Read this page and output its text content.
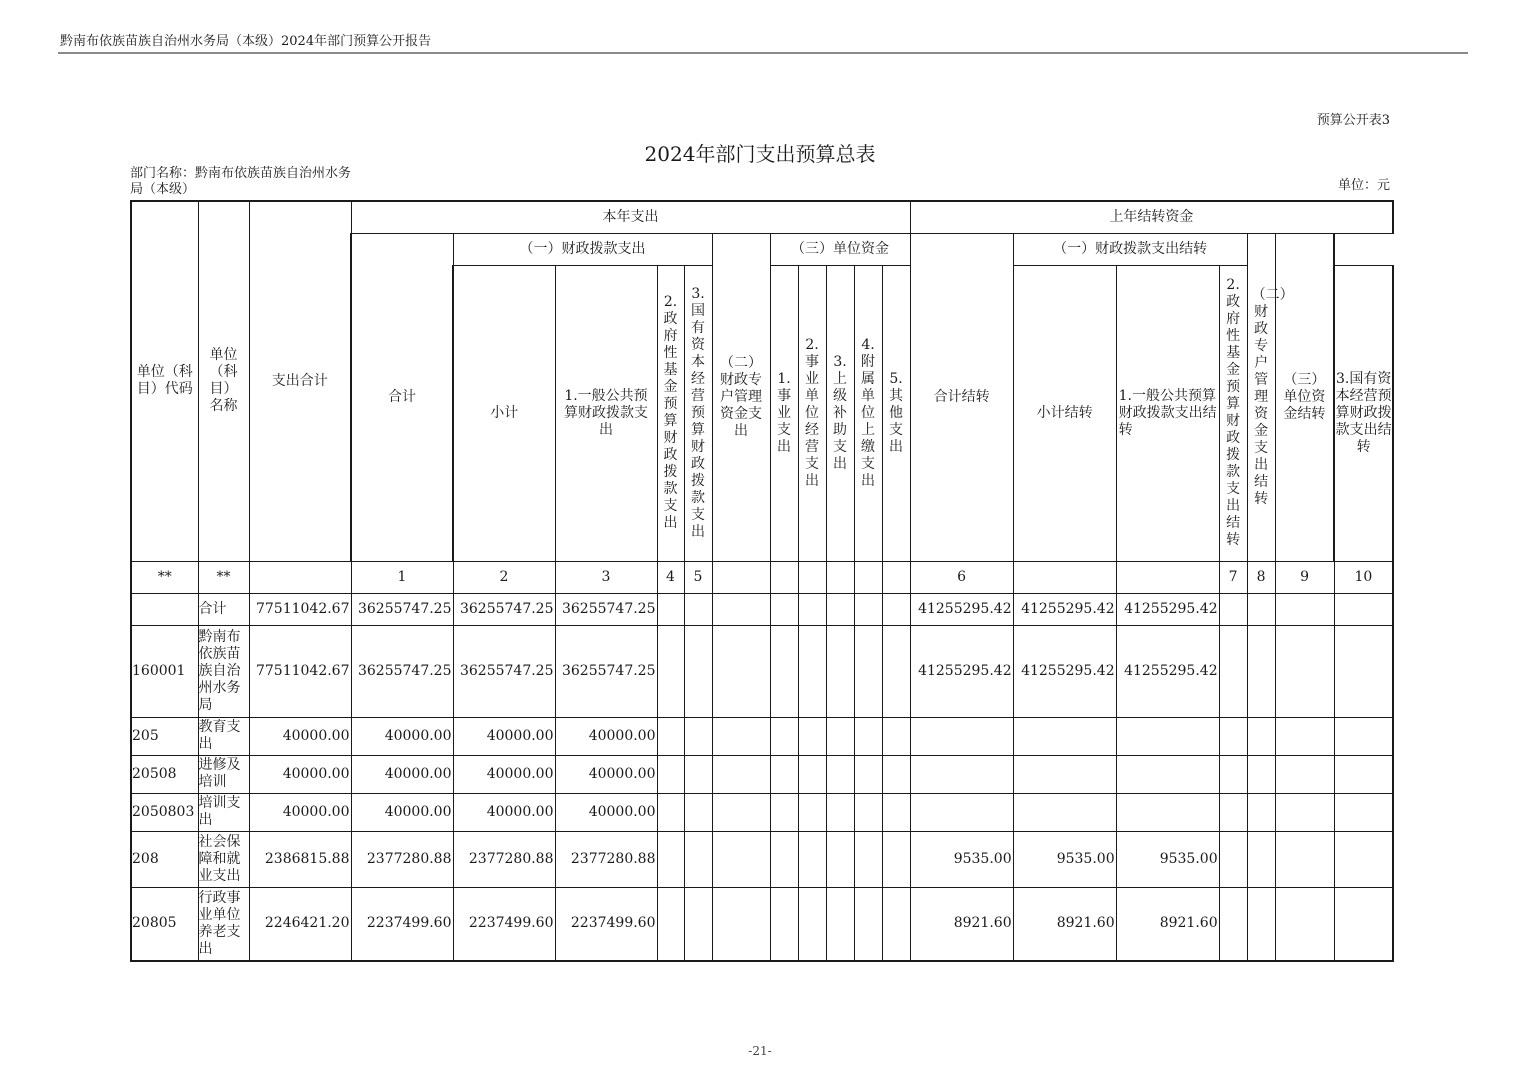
黔南布依族苗族自治州水务局（本级）2024年部门预算公开报告
预算公开表3
2024年部门支出预算总表
部门名称：黔南布依族苗族自治州水务局（本级）	单位：元
单位（科目）代码	单位（科目）名称	支出合计	本年支出											上年结转资金						
			合计	（一）财政拨款支出				（二）财政专户管理资金支出	（三）单位资金					合计结转	（一）财政拨款支出结转			（二）财政专户管理资金支出结转	（三）单位资金结转	
				小计	1.一般公共预算财政拨款支出	2.政府性基金预算财政拨款支出	3.国有资本经营预算财政拨款支出		1.事业支出	2.事业单位经营支出	3.上级补助支出	4.附属单位上缴支出	5.其他支出		小计结转	1.一般公共预算财政拨款支出结转	2.政府性基金预算财政拨款支出结转			3.国有资本经营预算财政拨款支出结转
**	**		1	2	3	4	5							6			7	8	9	10
	合计	77511042.67	36255747.25	36255747.25	36255747.25									41255295.42	41255295.42	41255295.42				
160001	黔南布依族苗族自治州水务局	77511042.67	36255747.25	36255747.25	36255747.25									41255295.42	41255295.42	41255295.42				
205	教育支出	40000.00	40000.00	40000.00	40000.00															
20508	进修及培训	40000.00	40000.00	40000.00	40000.00															
2050803	培训支出	40000.00	40000.00	40000.00	40000.00															
208	社会保障和就业支出	2386815.88	2377280.88	2377280.88	2377280.88									9535.00	9535.00	9535.00				
20805	行政事业单位养老支出	2246421.20	2237499.60	2237499.60	2237499.60									8921.60	8921.60	8921.60				
-21-
